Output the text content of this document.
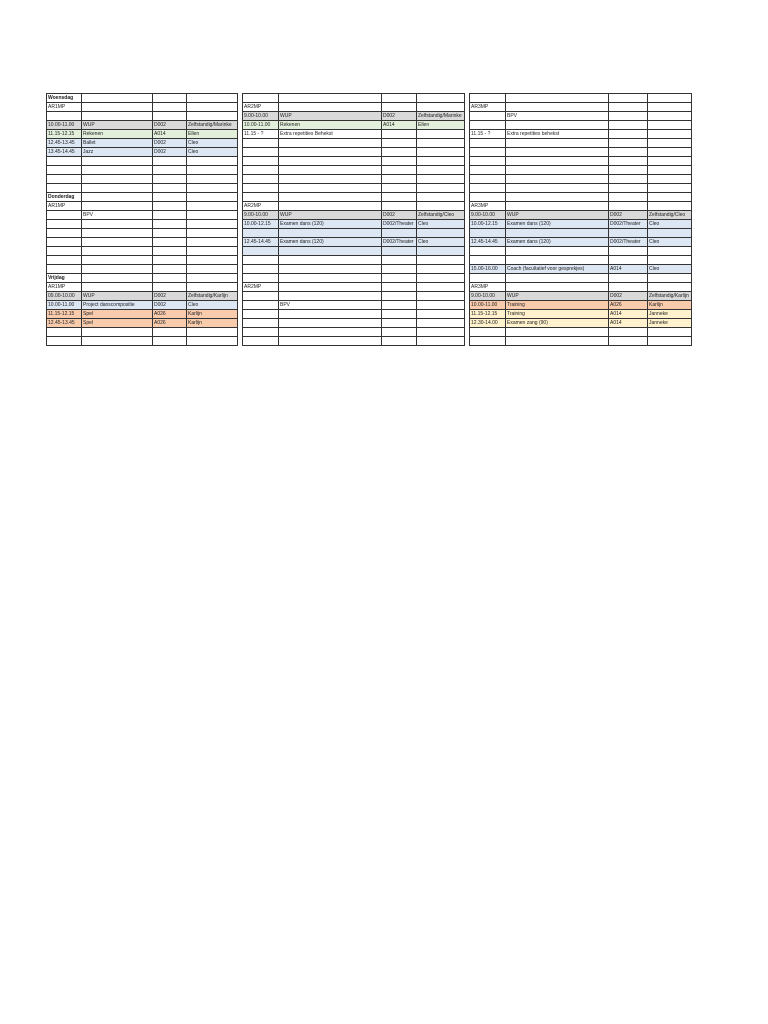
Woensdag													
AR1MP					AR2MP					AR3MP			
					9.00-10.00	WUP	D002	Zelfstandig/Marinke			BPV		
10.00-11.00	WUP	D002	Zelfstandig/Marinke		10.00-11.00	Rekenen	A014	Ellen					
11.15-12.15	Rekenen	A014	Ellen		11.15 - ?	Extra repetities Behekst				11.15 - ?	Extra repetities behekst		
12.45-13.45	Ballet	D002	Cleo										
13.45-14.45	Jazz	D002	Cleo										

Donderdag													
AR1MP					AR2MP					AR3MP			
	BPV				9.00-10.00	WUP	D002	Zelfstandig/Cleo		9.00-10.00	WUP	D002	Zelfstandig/Cleo
					10.00-12.15	Examen dans (120)	D002/Theater	Cleo		10.00-12.15	Examen dans (120)	D002/Theater	Cleo

					12.45-14.45	Examen dans (120)	D002/Theater	Cleo		12.45-14.45	Examen dans (120)	D002/Theater	Cleo

										15.00-16.00	Coach (facultatief voor gesprekjes)	A014	Cleo
Vrijdag													
AR1MP					AR2MP					AR3MP			
09.00-10.00	WUP	D002	Zelfstandig/Karlijn							9.00-10.00	WUP	D002	Zelfstandig/Karlijn
10.00-11.00	Project danscompositie	D002	Cleo			BPV				10.00-11.00	Training	A026	Karlijn
11.15-12.15	Spel	A026	Karlijn							11.15-12.15	Training	A014	Janneke
12.45-13.45	Spel	A026	Karlijn							12.30-14.00	Examen zang (90)	A014	Janneke
